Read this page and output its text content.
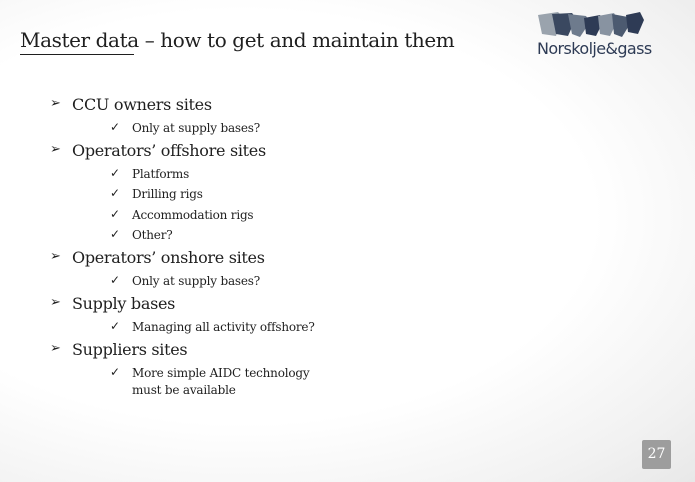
Master data – how to get and maintain them	Norskolje&gass
➢ CCU owners sites
✓ Only at supply bases?
➢ Operators’ offshore sites
✓ Platforms
✓ Drilling rigs
✓ Accommodation rigs
✓ Other?
➢ Operators’ onshore sites
✓ Only at supply bases?
➢ Supply bases
✓ Managing all activity offshore?
➢ Suppliers sites
✓ More simple AIDC technology
must be available
27
